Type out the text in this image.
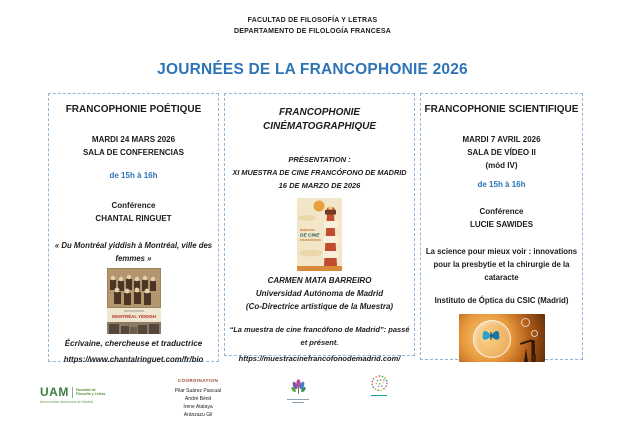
FACULTAD DE FILOSOFÍA Y LETRAS
DEPARTAMENTO DE FILOLOGÍA FRANCESA
JOURNÉES DE LA FRANCOPHONIE 2026
FRANCOPHONIE POÉTIQUE
MARDI 24 MARS 2026
SALA DE CONFERENCIAS
de 15h à 16h
Conférence
CHANTAL RINGUET
« Du Montréal yiddish à Montréal, ville des femmes »
MONTRÉAL YIDDISH
Écrivaine, chercheuse et traductrice
https://www.chantalringuet.com/fr/bio
FRANCOPHONIE
CINÉMATOGRAPHIQUE
PRÉSENTATION :
XI MUESTRA DE CINE FRANCÓFONO DE MADRID
16 DE MARZO DE 2026
MUESTRA
DE CINE
FRANCÓFONO
CARMEN MATA BARREIRO
Universidad Autónoma de Madrid
(Co-Directrice artistique de la Muestra)
“La muestra de cine francófono de Madrid”: passé et présent.
https://muestracinefrancofonodemadrid.com/
FRANCOPHONIE SCIENTIFIQUE
MARDI 7 AVRIL 2026
SALA DE VÍDEO II
(mód IV)
de 15h à 16h
Conférence
LUCIE SAWIDES
La science pour mieux voir : innovations pour la presbytie et la chirurgie de la cataracte
Instituto de Óptica du CSIC (Madrid)
UAM Facultad de
Filosofía y Letras
Universidad Autónoma de Madrid
COORDINATION
Pilar Suárez Pascual
André Bénit
Irene Atalaya
Aránzazu Gil
